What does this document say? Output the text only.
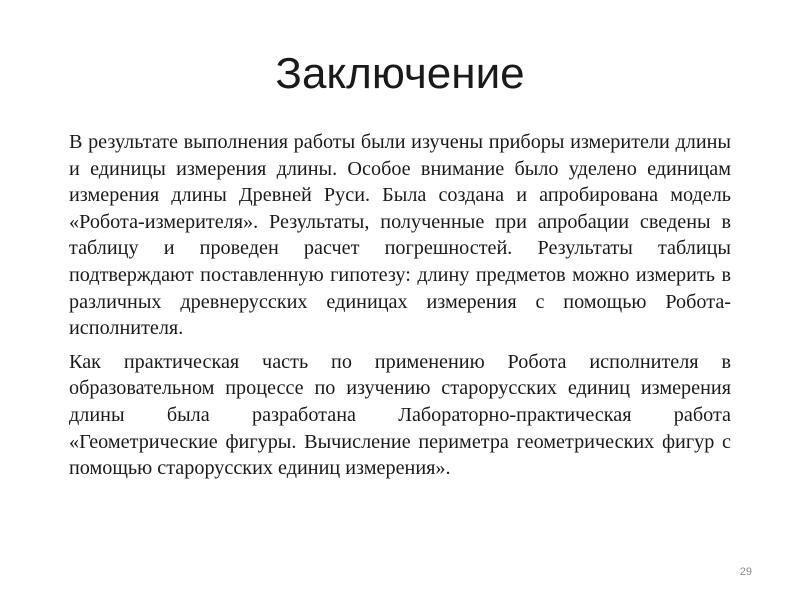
Заключение

В результате выполнения работы были изучены приборы измерители длины и единицы измерения длины. Особое внимание было уделено единицам измерения длины Древней Руси. Была создана и апробирована модель «Робота-измерителя». Результаты, полученные при апробации сведены в таблицу и проведен расчет погрешностей. Результаты таблицы подтверждают поставленную гипотезу: длину предметов можно измерить в различных древнерусских единицах измерения с помощью Робота-исполнителя.

Как практическая часть по применению Робота исполнителя в образовательном процессе по изучению старорусских единиц измерения длины была разработана Лабораторно-практическая работа «Геометрические фигуры. Вычисление периметра геометрических фигур с помощью старорусских единиц измерения».

29
